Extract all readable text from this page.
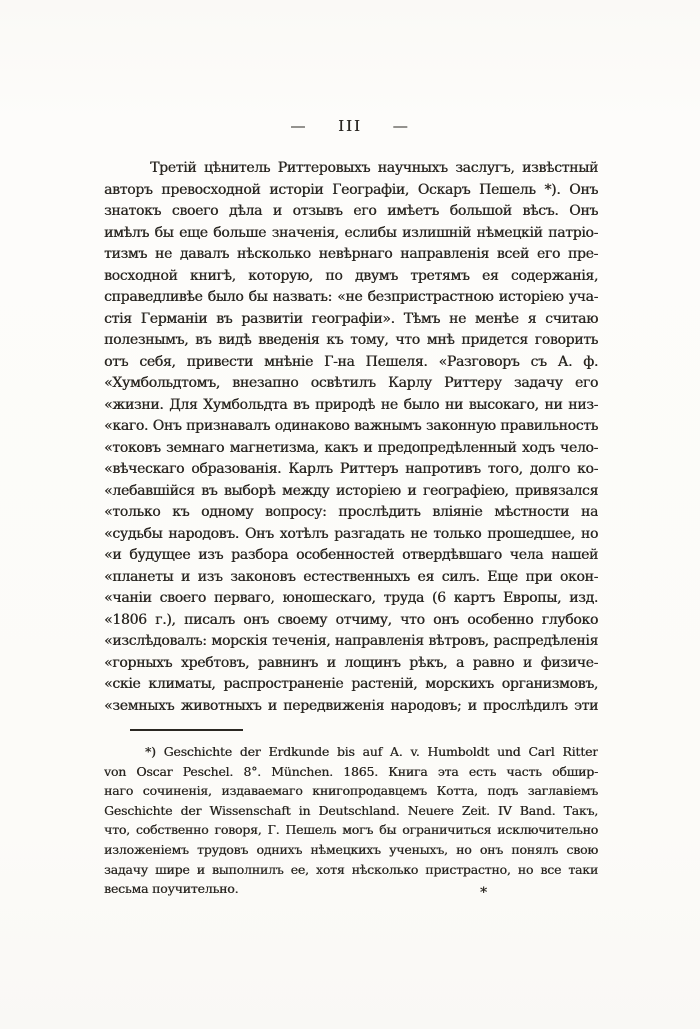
— III —
Третій цѣнитель Риттеровыхъ научныхъ заслугъ, извѣстный
авторъ превосходной исторіи Географіи, Оскаръ Пешель *). Онъ
знатокъ своего дѣла и отзывъ его имѣетъ большой вѣсъ. Онъ
имѣлъ бы еще больше значенія, еслибы излишній нѣмецкій патріо-
тизмъ не давалъ нѣсколько невѣрнаго направленія всей его пре-
восходной книгѣ, которую, по двумъ третямъ ея содержанія,
справедливѣе было бы назвать: «не безпристрастною исторіею уча-
стія Германіи въ развитіи географіи». Тѣмъ не менѣе я считаю
полезнымъ, въ видѣ введенія къ тому, что мнѣ придется говорить
отъ себя, привести мнѣніе Г-на Пешеля. «Разговоръ съ А. ф.
«Хумбольдтомъ, внезапно освѣтилъ Карлу Риттеру задачу его
«жизни. Для Хумбольдта въ природѣ не было ни высокаго, ни низ-
«каго. Онъ признавалъ одинаково важнымъ законную правильность
«токовъ земнаго магнетизма, какъ и предопредѣленный ходъ чело-
«вѣческаго образованія. Карлъ Риттеръ напротивъ того, долго ко-
«лебавшійся въ выборѣ между исторіею и географіею, привязался
«только къ одному вопросу: прослѣдить вліяніе мѣстности на
«судьбы народовъ. Онъ хотѣлъ разгадать не только прошедшее, но
«и будущее изъ разбора особенностей отвердѣвшаго чела нашей
«планеты и изъ законовъ естественныхъ ея силъ. Еще при окон-
«чаніи своего перваго, юношескаго, труда (6 картъ Европы, изд.
«1806 г.), писалъ онъ своему отчиму, что онъ особенно глубоко
«изслѣдовалъ: морскія теченія, направленія вѣтровъ, распредѣленія
«горныхъ хребтовъ, равнинъ и лощинъ рѣкъ, а равно и физиче-
«скіе климаты, распространеніе растеній, морскихъ организмовъ,
«земныхъ животныхъ и передвиженія народовъ; и прослѣдилъ эти
*) Geschichte der Erdkunde bis auf A. v. Humboldt und Carl Ritter
von Oscar Peschel. 8°. München. 1865. Книга эта есть часть обшир-
наго сочиненія, издаваемаго книгопродавцемъ Котта, подъ заглавіемъ
Geschichte der Wissenschaft in Deutschland. Neuere Zeit. IV Band. Такъ,
что, собственно говоря, Г. Пешель могъ бы ограничиться исключительно
изложеніемъ трудовъ однихъ нѣмецкихъ ученыхъ, но онъ понялъ свою
задачу шире и выполнилъ ее, хотя нѣсколько пристрастно, но все таки
весьма поучительно.	*
